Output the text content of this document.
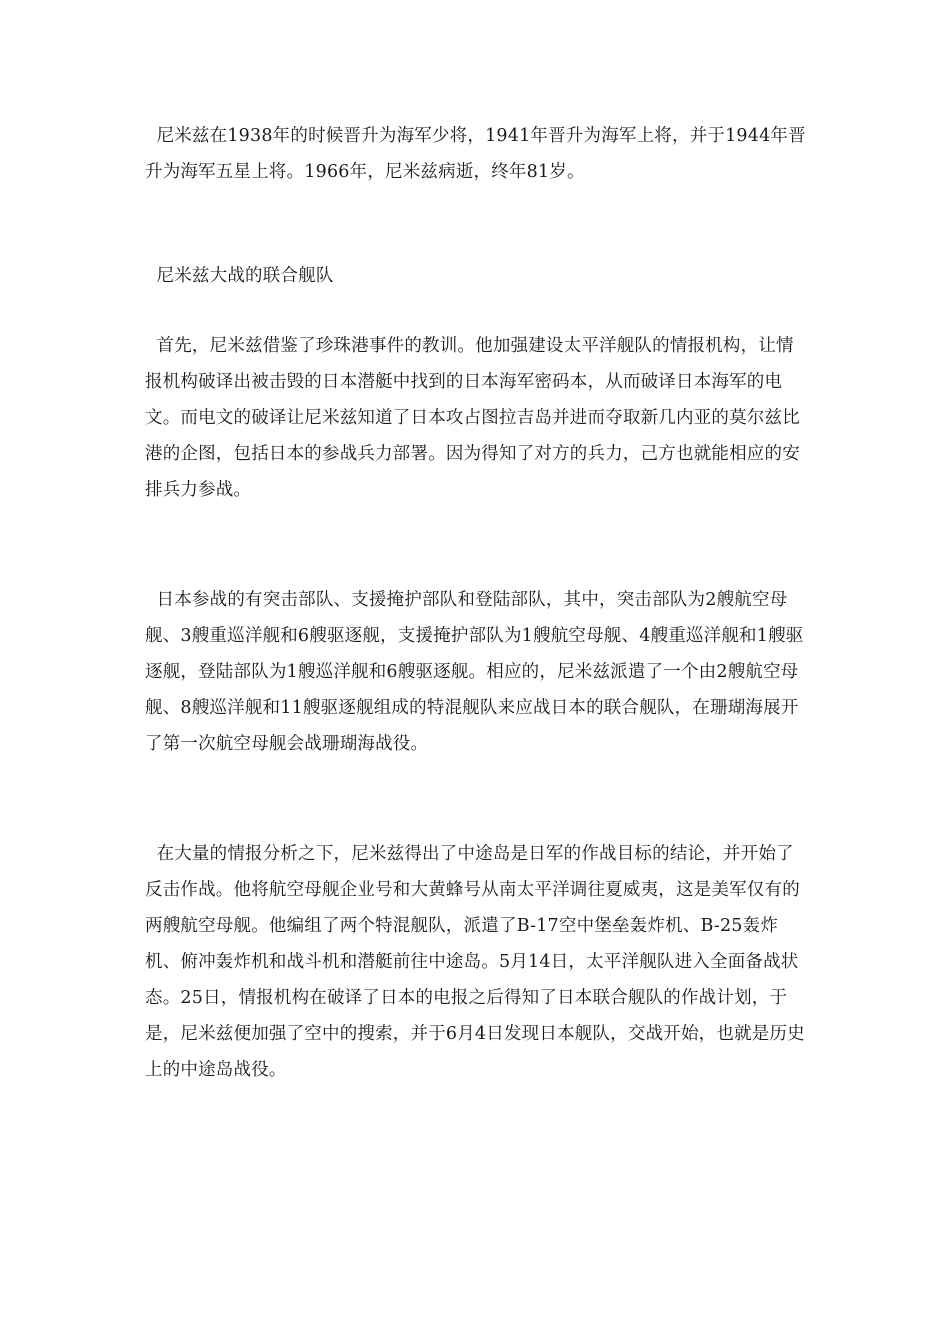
尼米兹在1938年的时候晋升为海军少将，1941年晋升为海军上将，并于1944年晋升为海军五星上将。1966年，尼米兹病逝，终年81岁。

尼米兹大战的联合舰队

首先，尼米兹借鉴了珍珠港事件的教训。他加强建设太平洋舰队的情报机构，让情报机构破译出被击毁的日本潜艇中找到的日本海军密码本，从而破译日本海军的电文。而电文的破译让尼米兹知道了日本攻占图拉吉岛并进而夺取新几内亚的莫尔兹比港的企图，包括日本的参战兵力部署。因为得知了对方的兵力，己方也就能相应的安排兵力参战。

日本参战的有突击部队、支援掩护部队和登陆部队，其中，突击部队为2艘航空母舰、3艘重巡洋舰和6艘驱逐舰，支援掩护部队为1艘航空母舰、4艘重巡洋舰和1艘驱逐舰，登陆部队为1艘巡洋舰和6艘驱逐舰。相应的，尼米兹派遣了一个由2艘航空母舰、8艘巡洋舰和11艘驱逐舰组成的特混舰队来应战日本的联合舰队，在珊瑚海展开了第一次航空母舰会战珊瑚海战役。

在大量的情报分析之下，尼米兹得出了中途岛是日军的作战目标的结论，并开始了反击作战。他将航空母舰企业号和大黄蜂号从南太平洋调往夏威夷，这是美军仅有的两艘航空母舰。他编组了两个特混舰队，派遣了B-17空中堡垒轰炸机、B-25轰炸机、俯冲轰炸机和战斗机和潜艇前往中途岛。5月14日，太平洋舰队进入全面备战状态。25日，情报机构在破译了日本的电报之后得知了日本联合舰队的作战计划，于是，尼米兹便加强了空中的搜索，并于6月4日发现日本舰队，交战开始，也就是历史上的中途岛战役。
